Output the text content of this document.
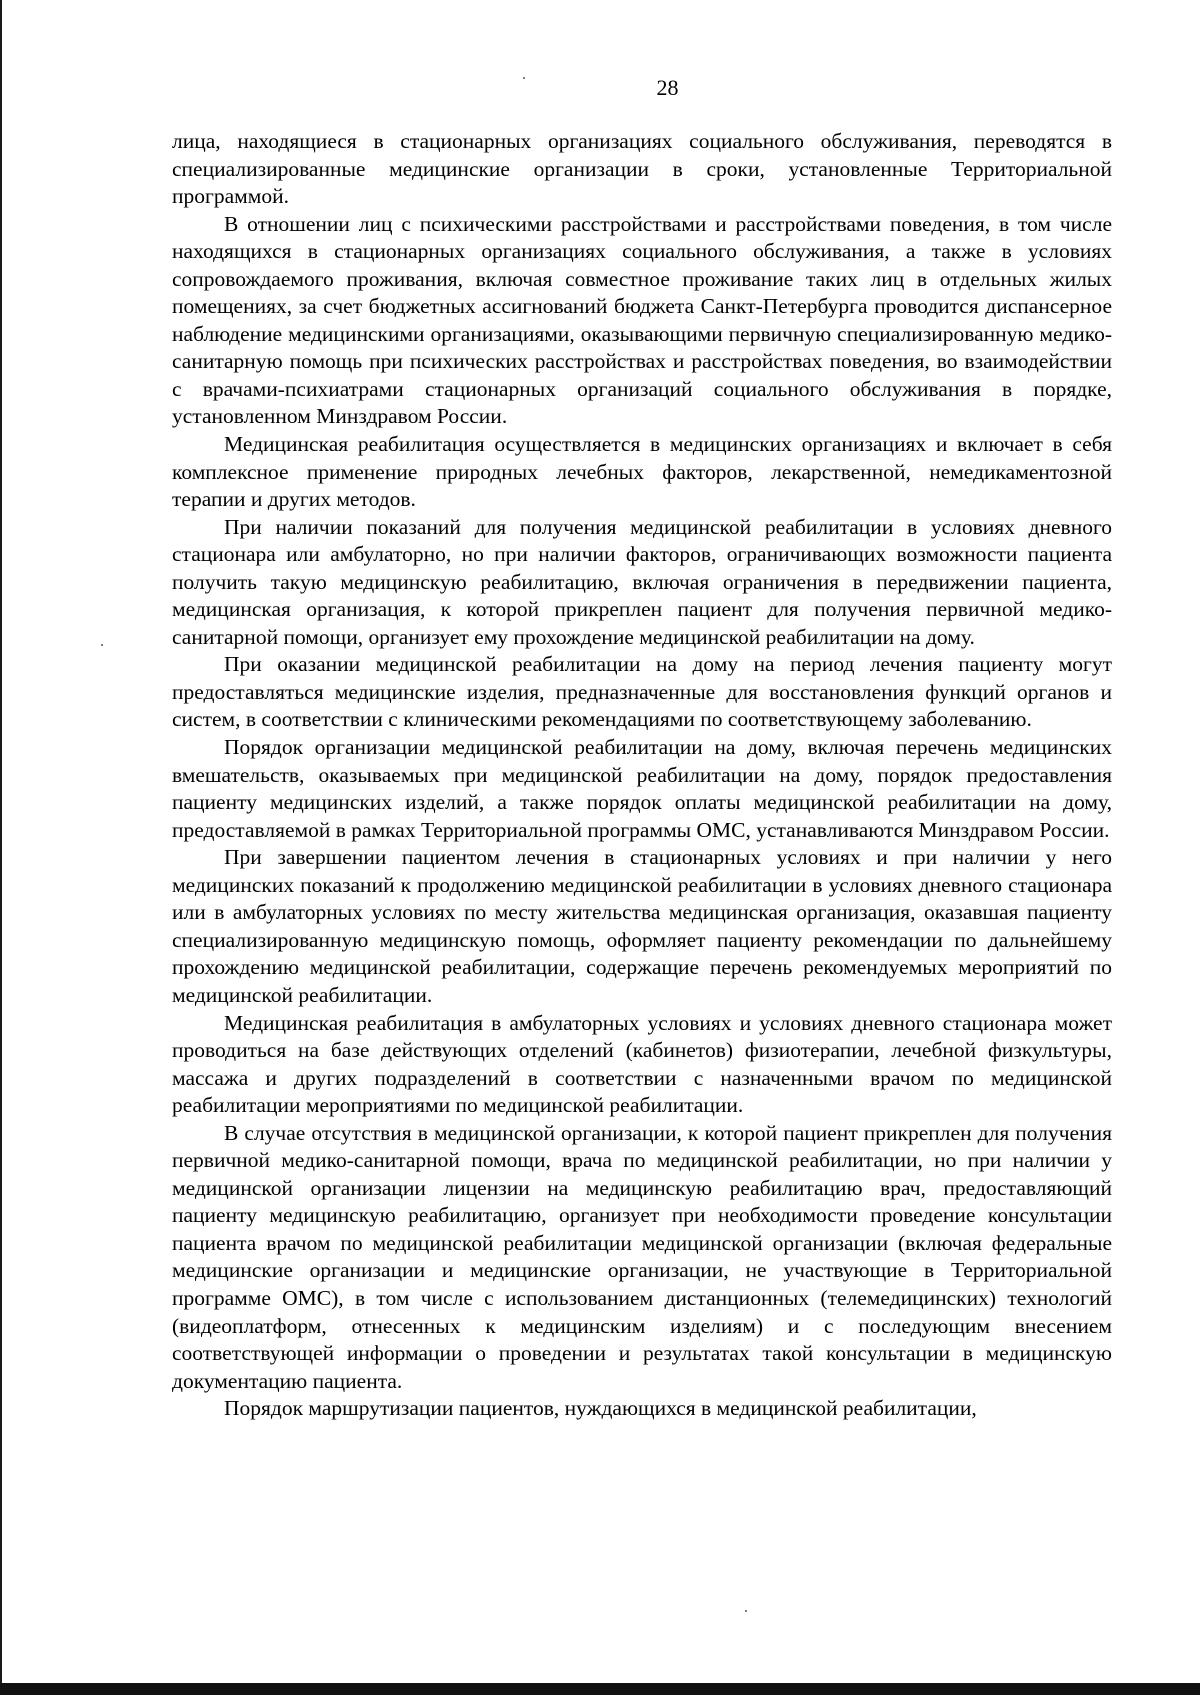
28

лица, находящиеся в стационарных организациях социального обслуживания, переводятся в специализированные медицинские организации в сроки, установленные Территориальной программой.

В отношении лиц с психическими расстройствами и расстройствами поведения, в том числе находящихся в стационарных организациях социального обслуживания, а также в условиях сопровождаемого проживания, включая совместное проживание таких лиц в отдельных жилых помещениях, за счет бюджетных ассигнований бюджета Санкт-Петербурга проводится диспансерное наблюдение медицинскими организациями, оказывающими первичную специализированную медико-санитарную помощь при психических расстройствах и расстройствах поведения, во взаимодействии с врачами-психиатрами стационарных организаций социального обслуживания в порядке, установленном Минздравом России.

Медицинская реабилитация осуществляется в медицинских организациях и включает в себя комплексное применение природных лечебных факторов, лекарственной, немедикаментозной терапии и других методов.

При наличии показаний для получения медицинской реабилитации в условиях дневного стационара или амбулаторно, но при наличии факторов, ограничивающих возможности пациента получить такую медицинскую реабилитацию, включая ограничения в передвижении пациента, медицинская организация, к которой прикреплен пациент для получения первичной медико-санитарной помощи, организует ему прохождение медицинской реабилитации на дому.

При оказании медицинской реабилитации на дому на период лечения пациенту могут предоставляться медицинские изделия, предназначенные для восстановления функций органов и систем, в соответствии с клиническими рекомендациями по соответствующему заболеванию.

Порядок организации медицинской реабилитации на дому, включая перечень медицинских вмешательств, оказываемых при медицинской реабилитации на дому, порядок предоставления пациенту медицинских изделий, а также порядок оплаты медицинской реабилитации на дому, предоставляемой в рамках Территориальной программы ОМС, устанавливаются Минздравом России.

При завершении пациентом лечения в стационарных условиях и при наличии у него медицинских показаний к продолжению медицинской реабилитации в условиях дневного стационара или в амбулаторных условиях по месту жительства медицинская организация, оказавшая пациенту специализированную медицинскую помощь, оформляет пациенту рекомендации по дальнейшему прохождению медицинской реабилитации, содержащие перечень рекомендуемых мероприятий по медицинской реабилитации.

Медицинская реабилитация в амбулаторных условиях и условиях дневного стационара может проводиться на базе действующих отделений (кабинетов) физиотерапии, лечебной физкультуры, массажа и других подразделений в соответствии с назначенными врачом по медицинской реабилитации мероприятиями по медицинской реабилитации.

В случае отсутствия в медицинской организации, к которой пациент прикреплен для получения первичной медико-санитарной помощи, врача по медицинской реабилитации, но при наличии у медицинской организации лицензии на медицинскую реабилитацию врач, предоставляющий пациенту медицинскую реабилитацию, организует при необходимости проведение консультации пациента врачом по медицинской реабилитации медицинской организации (включая федеральные медицинские организации и медицинские организации, не участвующие в Территориальной программе ОМС), в том числе с использованием дистанционных (телемедицинских) технологий (видеоплатформ, отнесенных к медицинским изделиям) и с последующим внесением соответствующей информации о проведении и результатах такой консультации в медицинскую документацию пациента.

Порядок маршрутизации пациентов, нуждающихся в медицинской реабилитации,
